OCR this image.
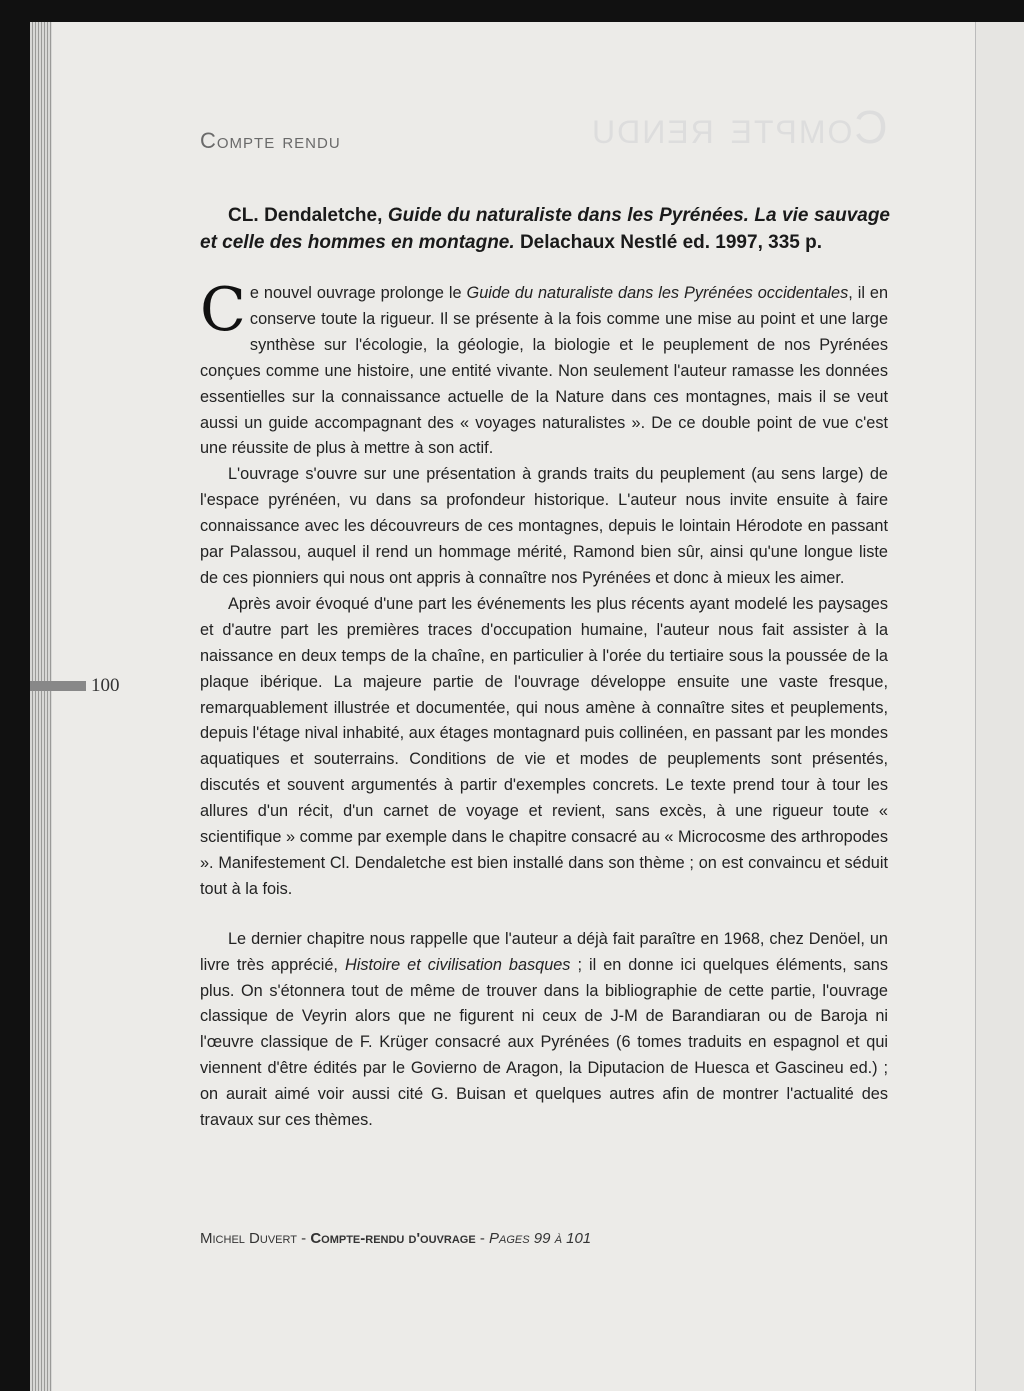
Compte rendu
Compte rendu
CL. Dendaletche, Guide du naturaliste dans les Pyrénées. La vie sauvage et celle des hommes en montagne. Delachaux Nestlé ed. 1997, 335 p.

Ce nouvel ouvrage prolonge le Guide du naturaliste dans les Pyrénées occidentales, il en conserve toute la rigueur. Il se présente à la fois comme une mise au point et une large synthèse sur l'écologie, la géologie, la biologie et le peuplement de nos Pyrénées conçues comme une histoire, une entité vivante. Non seulement l'auteur ramasse les données essentielles sur la connaissance actuelle de la Nature dans ces montagnes, mais il se veut aussi un guide accompagnant des « voyages naturalistes ». De ce double point de vue c'est une réussite de plus à mettre à son actif.

L'ouvrage s'ouvre sur une présentation à grands traits du peuplement (au sens large) de l'espace pyrénéen, vu dans sa profondeur historique. L'auteur nous invite ensuite à faire connaissance avec les découvreurs de ces montagnes, depuis le lointain Hérodote en passant par Palassou, auquel il rend un hommage mérité, Ramond bien sûr, ainsi qu'une longue liste de ces pionniers qui nous ont appris à connaître nos Pyrénées et donc à mieux les aimer.

Après avoir évoqué d'une part les événements les plus récents ayant modelé les paysages et d'autre part les premières traces d'occupation humaine, l'auteur nous fait assister à la naissance en deux temps de la chaîne, en particulier à l'orée du tertiaire sous la poussée de la plaque ibérique. La majeure partie de l'ouvrage développe ensuite une vaste fresque, remarquablement illustrée et documentée, qui nous amène à connaître sites et peuplements, depuis l'étage nival inhabité, aux étages montagnard puis collinéen, en passant par les mondes aquatiques et souterrains. Conditions de vie et modes de peuplements sont présentés, discutés et souvent argumentés à partir d'exemples concrets. Le texte prend tour à tour les allures d'un récit, d'un carnet de voyage et revient, sans excès, à une rigueur toute « scientifique » comme par exemple dans le chapitre consacré au « Microcosme des arthropodes ». Manifestement Cl. Dendaletche est bien installé dans son thème ; on est convaincu et séduit tout à la fois.

Le dernier chapitre nous rappelle que l'auteur a déjà fait paraître en 1968, chez Denöel, un livre très apprécié, Histoire et civilisation basques ; il en donne ici quelques éléments, sans plus. On s'étonnera tout de même de trouver dans la bibliographie de cette partie, l'ouvrage classique de Veyrin alors que ne figurent ni ceux de J-M de Barandiaran ou de Baroja ni l'œuvre classique de F. Krüger consacré aux Pyrénées (6 tomes traduits en espagnol et qui viennent d'être édités par le Govierno de Aragon, la Diputacion de Huesca et Gascineu ed.) ; on aurait aimé voir aussi cité G. Buisan et quelques autres afin de montrer l'actualité des travaux sur ces thèmes.

100
Michel Duvert - Compte-rendu d'ouvrage - Pages 99 à 101
